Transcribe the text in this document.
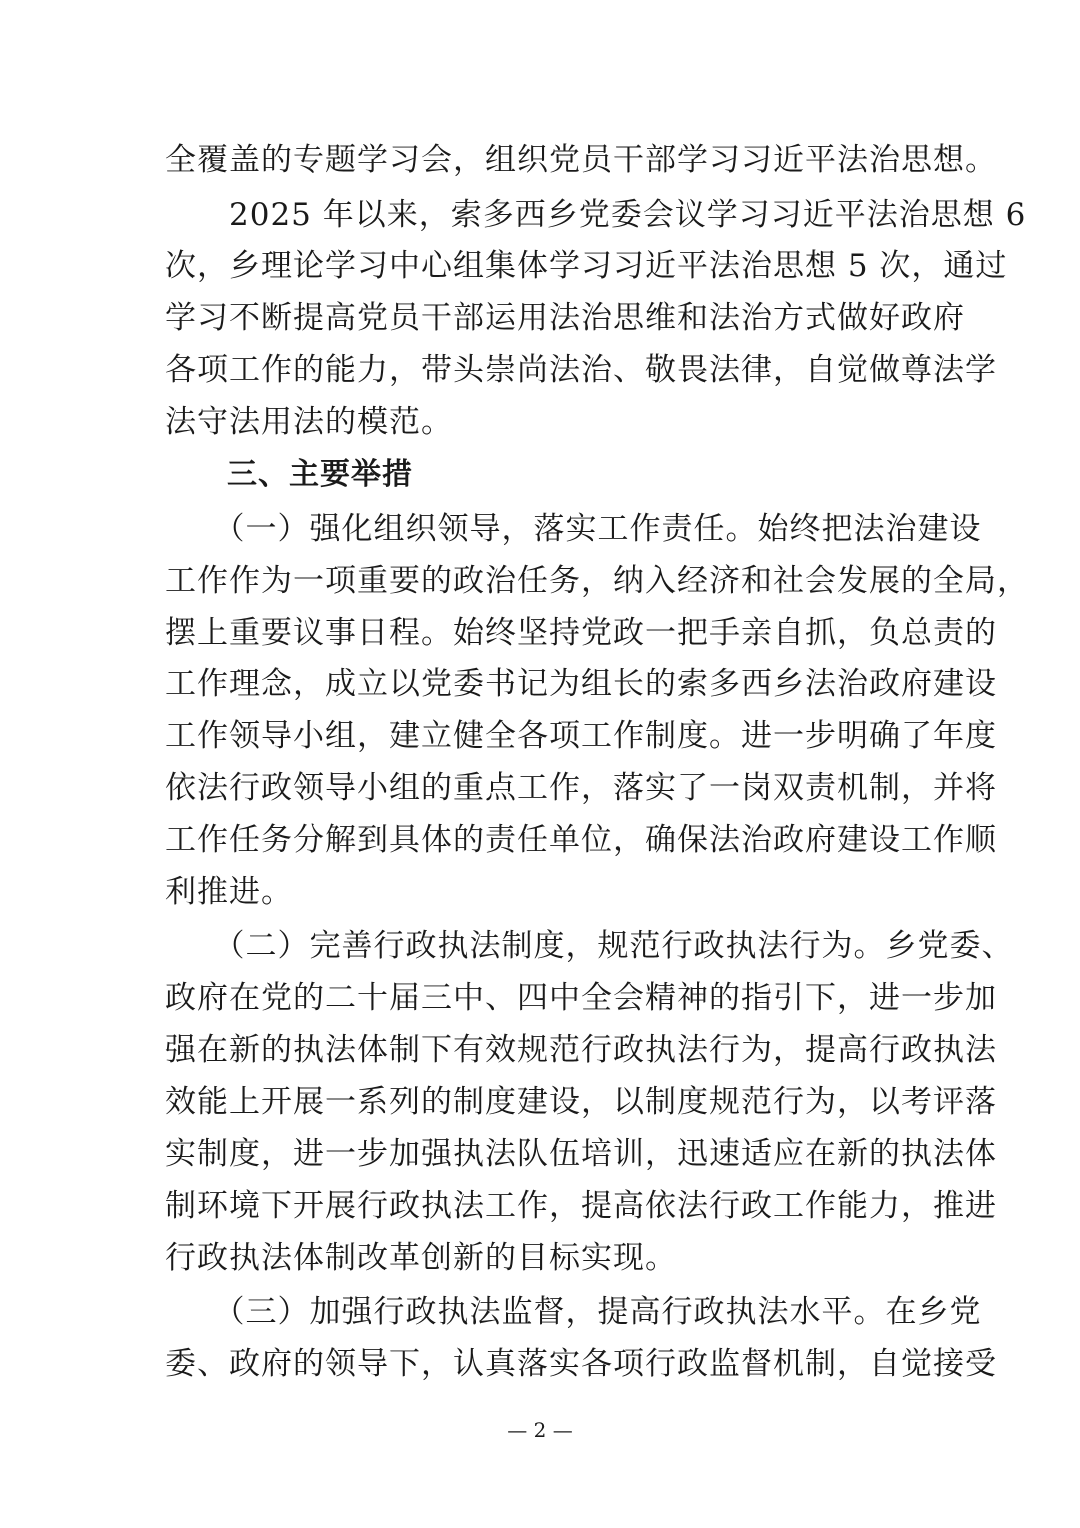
全覆盖的专题学习会，组织党员干部学习习近平法治思想。
　　2025 年以来，索多西乡党委会议学习习近平法治思想 6
次，乡理论学习中心组集体学习习近平法治思想 5 次，通过
学习不断提高党员干部运用法治思维和法治方式做好政府
各项工作的能力，带头崇尚法治、敬畏法律，自觉做尊法学
法守法用法的模范。
　　三、主要举措
　　（一）强化组织领导，落实工作责任。始终把法治建设
工作作为一项重要的政治任务，纳入经济和社会发展的全局，
摆上重要议事日程。始终坚持党政一把手亲自抓，负总责的
工作理念，成立以党委书记为组长的索多西乡法治政府建设
工作领导小组，建立健全各项工作制度。进一步明确了年度
依法行政领导小组的重点工作，落实了一岗双责机制，并将
工作任务分解到具体的责任单位，确保法治政府建设工作顺
利推进。
　　（二）完善行政执法制度，规范行政执法行为。乡党委、
政府在党的二十届三中、四中全会精神的指引下，进一步加
强在新的执法体制下有效规范行政执法行为，提高行政执法
效能上开展一系列的制度建设，以制度规范行为，以考评落
实制度，进一步加强执法队伍培训，迅速适应在新的执法体
制环境下开展行政执法工作，提高依法行政工作能力，推进
行政执法体制改革创新的目标实现。
　　（三）加强行政执法监督，提高行政执法水平。在乡党
委、政府的领导下，认真落实各项行政监督机制，自觉接受
— 2 —
